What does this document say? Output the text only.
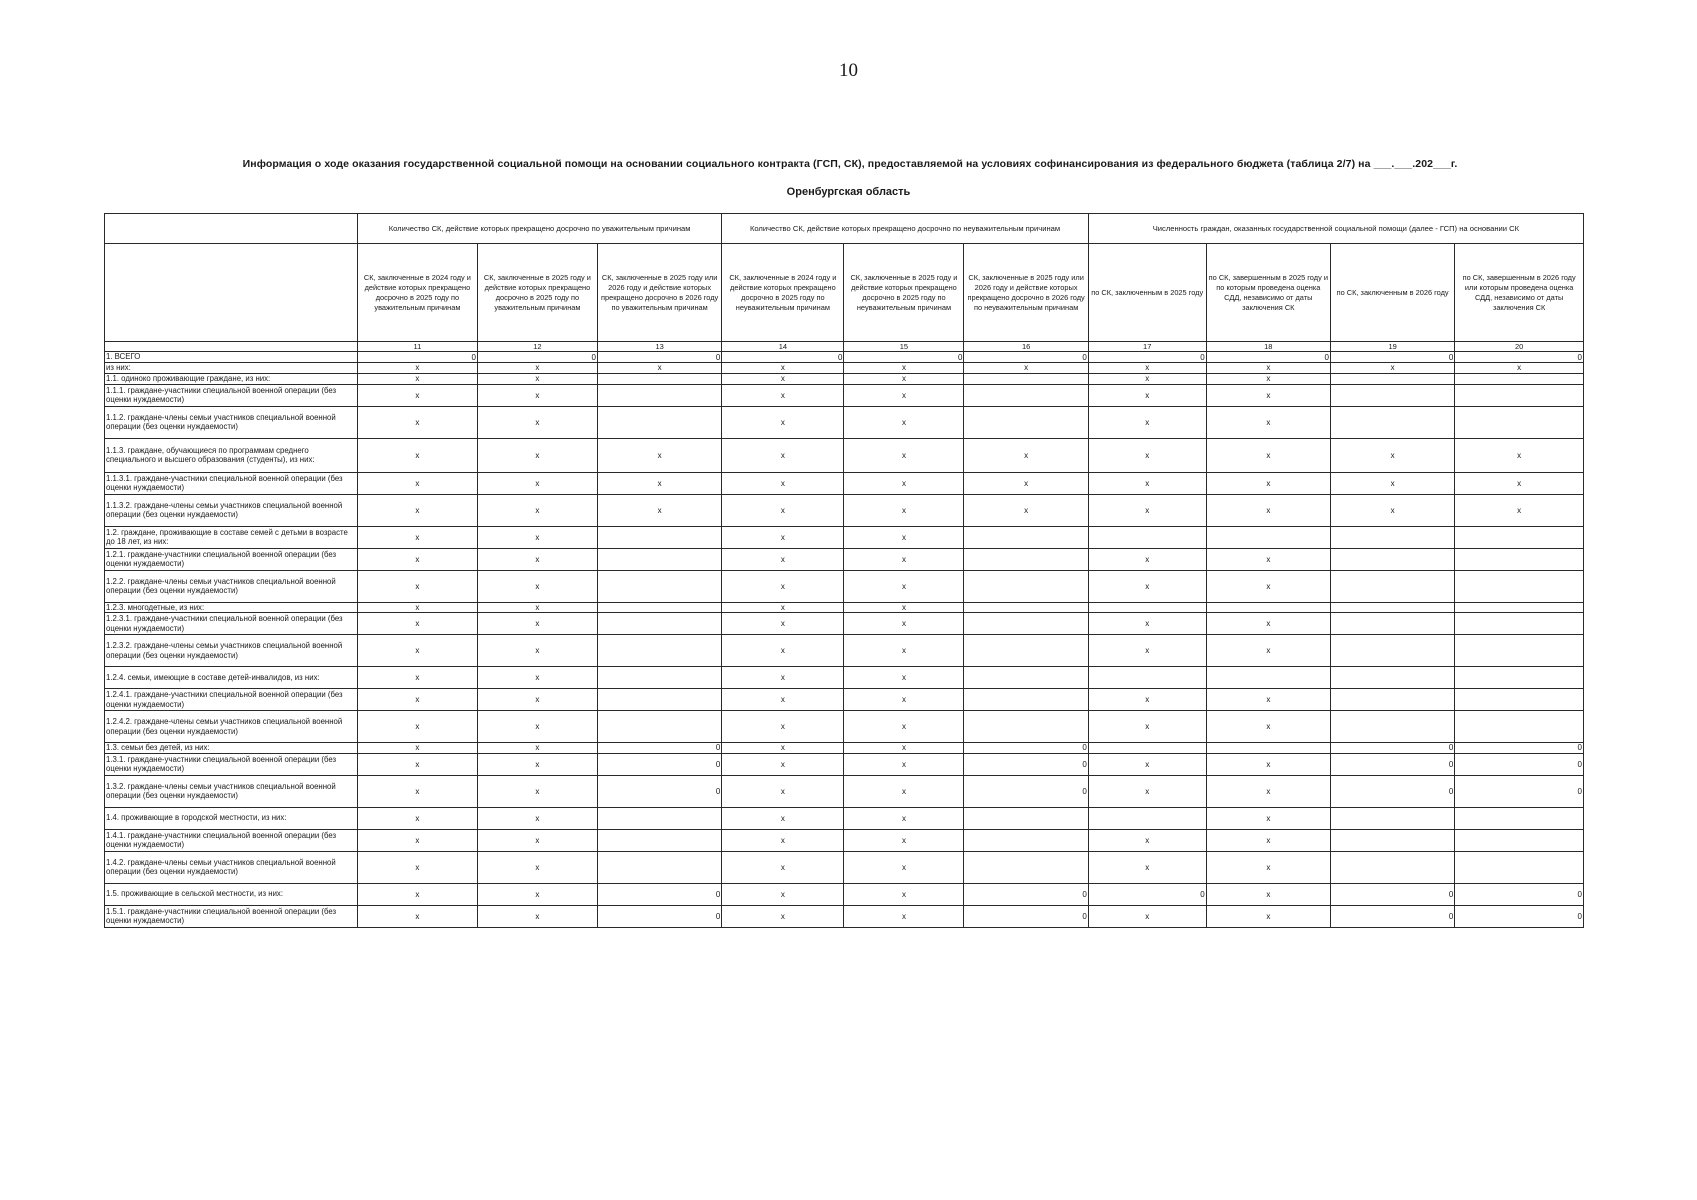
10
Информация о ходе оказания государственной социальной помощи на основании социального контракта (ГСП, СК), предоставляемой на условиях софинансирования из федерального бюджета (таблица 2/7) на ___.___.202___г.
Оренбургская область
	Количество СК, действие которых прекращено досрочно по уважительным причинам			Количество СК, действие которых прекращено досрочно по неуважительным причинам			Численность граждан, оказанных государственной социальной помощи (далее - ГСП) на основании СК			
	СК, заключенные в 2024 году и действие которых прекращено досрочно в 2025 году по уважительным причинам	СК, заключенные в 2025 году и действие которых прекращено досрочно в 2025 году по уважительным причинам	СК, заключенные в 2025 году или 2026 году и действие которых прекращено досрочно в 2026 году по уважительным причинам	СК, заключенные в 2024 году и действие которых прекращено досрочно в 2025 году по неуважительным причинам	СК, заключенные в 2025 году и действие которых прекращено досрочно в 2025 году по неуважительным причинам	СК, заключенные в 2025 году или 2026 году и действие которых прекращено досрочно в 2026 году по неуважительным причинам	по СК, заключенным в 2025 году	по СК, завершенным в 2025 году и по которым проведена оценка СДД, независимо от даты заключения СК	по СК, заключенным в 2026 году	по СК, завершенным в 2026 году или которым проведена оценка СДД, независимо от даты заключения СК
	11	12	13	14	15	16	17	18	19	20
1. ВСЕГО	0	0	0	0	0	0	0	0	0	0
из них:	x	x	x	x	x	x	x	x	x	x
1.1. одиноко проживающие граждане, из них:	x	x		x	x		x	x		
1.1.1. граждане-участники специальной военной операции (без оценки нуждаемости)	x	x		x	x		x	x		
1.1.2. граждане-члены семьи участников специальной военной операции (без оценки нуждаемости)	x	x		x	x		x	x		
1.1.3. граждане, обучающиеся по программам среднего специального и высшего образования (студенты), из них:	x	x	x	x	x	x	x	x	x	x
1.1.3.1. граждане-участники специальной военной операции (без оценки нуждаемости)	x	x	x	x	x	x	x	x	x	x
1.1.3.2. граждане-члены семьи участников специальной военной операции (без оценки нуждаемости)	x	x	x	x	x	x	x	x	x	x
1.2. граждане, проживающие в составе семей с детьми в возрасте до 18 лет, из них:	x	x		x	x					
1.2.1. граждане-участники специальной военной операции (без оценки нуждаемости)	x	x		x	x		x	x		
1.2.2. граждане-члены семьи участников специальной военной операции (без оценки нуждаемости)	x	x		x	x		x	x		
1.2.3. многодетные, из них:	x	x		x	x					
1.2.3.1. граждане-участники специальной военной операции (без оценки нуждаемости)	x	x		x	x		x	x		
1.2.3.2. граждане-члены семьи участников специальной военной операции (без оценки нуждаемости)	x	x		x	x		x	x		
1.2.4. семьи, имеющие в составе детей-инвалидов, из них:	x	x		x	x					
1.2.4.1. граждане-участники специальной военной операции (без оценки нуждаемости)	x	x		x	x		x	x		
1.2.4.2. граждане-члены семьи участников специальной военной операции (без оценки нуждаемости)	x	x		x	x		x	x		
1.3. семьи без детей, из них:	x	x	0	x	x	0			0	0
1.3.1. граждане-участники специальной военной операции (без оценки нуждаемости)	x	x	0	x	x	0	x	x	0	0
1.3.2. граждане-члены семьи участников специальной военной операции (без оценки нуждаемости)	x	x	0	x	x	0	x	x	0	0
1.4. проживающие в городской местности, из них:	x	x		x	x			x		
1.4.1. граждане-участники специальной военной операции (без оценки нуждаемости)	x	x		x	x		x	x		
1.4.2. граждане-члены семьи участников специальной военной операции (без оценки нуждаемости)	x	x		x	x		x	x		
1.5. проживающие в сельской местности, из них:	x	x	0	x	x	0	0	x	0	0
1.5.1. граждане-участники специальной военной операции (без оценки нуждаемости)	x	x	0	x	x	0	x	x	0	0
